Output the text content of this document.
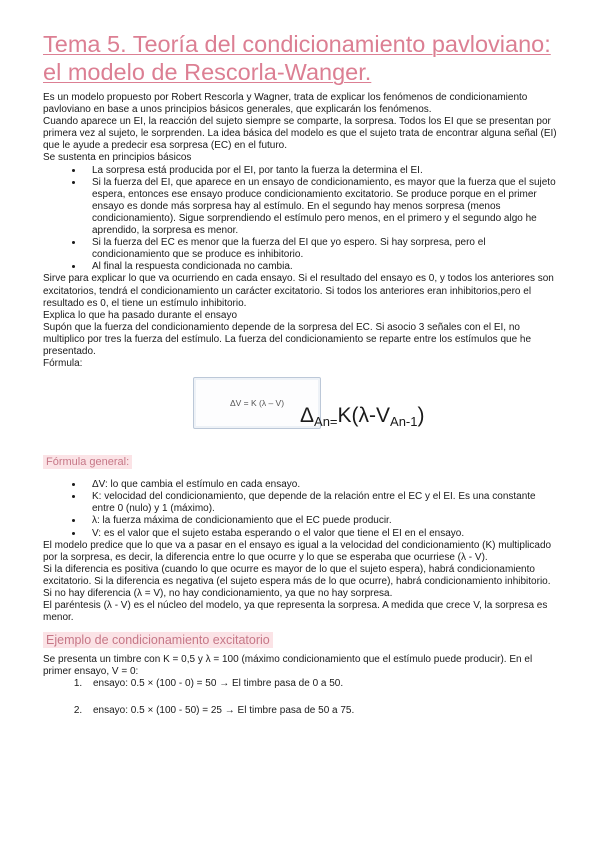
Tema 5. Teoría del condicionamiento pavloviano: el modelo de Rescorla-Wanger.

Es un modelo propuesto por Robert Rescorla y Wagner, trata de explicar los fenómenos de condicionamiento pavloviano en base a unos principios básicos generales, que explicarán los fenómenos.

Cuando aparece un EI, la reacción del sujeto siempre se comparte, la sorpresa. Todos los EI que se presentan por primera vez al sujeto, le sorprenden. La idea básica del modelo es que el sujeto trata de encontrar alguna señal (EI) que le ayude a predecir esa sorpresa (EC) en el futuro.

Se sustenta en principios básicos

• La sorpresa está producida por el EI, por tanto la fuerza la determina el EI.
• Si la fuerza del EI, que aparece en un ensayo de condicionamiento, es mayor que la fuerza que el sujeto espera, entonces ese ensayo produce condicionamiento excitatorio. Se produce porque en el primer ensayo es donde más sorpresa hay al estímulo. En el segundo hay menos sorpresa (menos condicionamiento). Sigue sorprendiendo el estímulo pero menos, en el primero y el segundo algo he aprendido, la sorpresa es menor.
• Si la fuerza del EC es menor que la fuerza del EI que yo espero. Si hay sorpresa, pero el condicionamiento que se produce es inhibitorio.
• Al final la respuesta condicionada no cambia.

Sirve para explicar lo que va ocurriendo en cada ensayo. Si el resultado del ensayo es 0, y todos los anteriores son excitatorios, tendrá el condicionamiento un carácter excitatorio. Si todos los anteriores eran inhibitorios,pero el resultado es 0, el tiene un estímulo inhibitorio.

Explica lo que ha pasado durante el ensayo

Supón que la fuerza del condicionamiento depende de la sorpresa del EC. Si asocio 3 señales con el EI, no multiplico por tres la fuerza del estímulo. La fuerza del condicionamiento se reparte entre los estímulos que he presentado.

Fórmula:

ΔV = K (λ – V)
$\Delta_{An=}K(\lambda-V_{An-1})$
Fórmula general:
• ΔV: lo que cambia el estímulo en cada ensayo.
• K: velocidad del condicionamiento, que depende de la relación entre el EC y el EI. Es una constante entre 0 (nulo) y 1 (máximo).
• λ: la fuerza máxima de condicionamiento que el EC puede producir.
• V: es el valor que el sujeto estaba esperando o el valor que tiene el EI en el ensayo.

El modelo predice que lo que va a pasar en el ensayo es igual a la velocidad del condicionamiento (K) multiplicado por la sorpresa, es decir, la diferencia entre lo que ocurre y lo que se esperaba que ocurriese (λ - V).

Si la diferencia es positiva (cuando lo que ocurre es mayor de lo que el sujeto espera), habrá condicionamiento excitatorio. Si la diferencia es negativa (el sujeto espera más de lo que ocurre), habrá condicionamiento inhibitorio. Si no hay diferencia (λ = V), no hay condicionamiento, ya que no hay sorpresa.

El paréntesis (λ - V) es el núcleo del modelo, ya que representa la sorpresa. A medida que crece V, la sorpresa es menor.

Ejemplo de condicionamiento excitatorio

Se presenta un timbre con K = 0,5 y λ = 100 (máximo condicionamiento que el estímulo puede producir). En el primer ensayo, V = 0:

1. ensayo: 0.5 × (100 - 0) = 50 → El timbre pasa de 0 a 50.
2. ensayo: 0.5 × (100 - 50) = 25 → El timbre pasa de 50 a 75.
